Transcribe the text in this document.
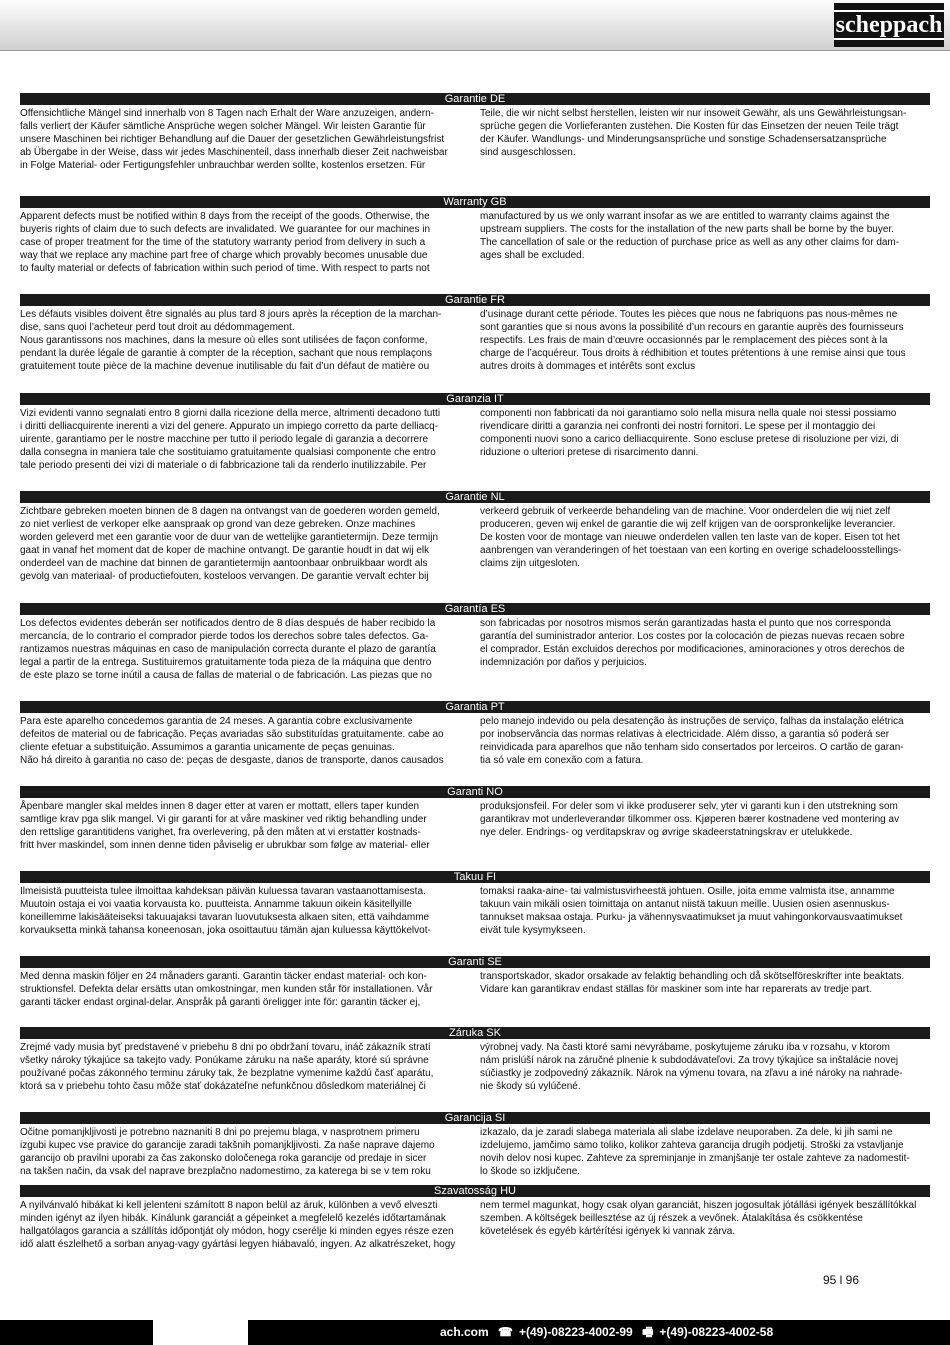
scheppach
Garantie DE
Offensichtliche Mängel sind innerhalb von 8 Tagen nach Erhalt der Ware anzuzeigen, andern-
falls verliert der Käufer sämtliche Ansprüche wegen solcher Mängel. Wir leisten Garantie für
unsere Maschinen bei richtiger Behandlung auf die Dauer der gesetzlichen Gewährleistungsfrist
ab Übergabe in der Weise, dass wir jedes Maschinenteil, dass innerhalb dieser Zeit nachweisbar
in Folge Material- oder Fertigungsfehler unbrauchbar werden sollte, kostenlos ersetzen. Für
Teile, die wir nicht selbst herstellen, leisten wir nur insoweit Gewähr, als uns Gewährleistungsan-
sprüche gegen die Vorlieferanten zustehen. Die Kosten für das Einsetzen der neuen Teile trägt
der Käufer. Wandlungs- und Minderungsansprüche und sonstige Schadensersatzansprüche
sind ausgeschlossen.
Warranty GB
Apparent defects must be notified within 8 days from the receipt of the goods. Otherwise, the
buyeris rights of claim due to such defects are invalidated. We guarantee for our machines in
case of proper treatment for the time of the statutory warranty period from delivery in such a
way that we replace any machine part free of charge which provably becomes unusable due
to faulty material or defects of fabrication within such period of time. With respect to parts not
manufactured by us we only warrant insofar as we are entitled to warranty claims against the
upstream suppliers. The costs for the installation of the new parts shall be borne by the buyer.
The cancellation of sale or the reduction of purchase price as well as any other claims for dam-
ages shall be excluded.
Garantie FR
Les défauts visibles doivent être signalés au plus tard 8 jours après la réception de la marchan-
dise, sans quoi l’acheteur perd tout droit au dédommagement.
Nous garantissons nos machines, dans la mesure où elles sont utilisées de façon conforme,
pendant la durée légale de garantie à compter de la réception, sachant que nous remplaçons
gratuitement toute pièce de la machine devenue inutilisable du fait d’un défaut de matière ou
d’usinage durant cette période. Toutes les pièces que nous ne fabriquons pas nous-mêmes ne
sont garanties que si nous avons la possibilité d’un recours en garantie auprès des fournisseurs
respectifs. Les frais de main d’œuvre occasionnés par le remplacement des pièces sont à la
charge de l’acquéreur. Tous droits à rédhibition et toutes prétentions à une remise ainsi que tous
autres droits à dommages et intérêts sont exclus
Garanzia IT
Vizi evidenti vanno segnalati entro 8 giorni dalla ricezione della merce, altrimenti decadono tutti
i diritti delliacquirente inerenti a vizi del genere. Appurato un impiego corretto da parte delliacq-
uirente, garantiamo per le nostre macchine per tutto il periodo legale di garanzia a decorrere
dalla consegna in maniera tale che sostituiamo gratuitamente qualsiasi componente che entro
tale periodo presenti dei vizi di materiale o di fabbricazione tali da renderlo inutilizzabile. Per
componenti non fabbricati da noi garantiamo solo nella misura nella quale noi stessi possiamo
rivendicare diritti a garanzia nei confronti dei nostri fornitori. Le spese per il montaggio dei
componenti nuovi sono a carico delliacquirente. Sono escluse pretese di risoluzione per vizi, di
riduzione o ulteriori pretese di risarcimento danni.
Garantie NL
Zichtbare gebreken moeten binnen de 8 dagen na ontvangst van de goederen worden gemeld,
zo niet verliest de verkoper elke aanspraak op grond van deze gebreken. Onze machines
worden geleverd met een garantie voor de duur van de wettelijke garantietermijn. Deze termijn
gaat in vanaf het moment dat de koper de machine ontvangt. De garantie houdt in dat wij elk
onderdeel van de machine dat binnen de garantietermijn aantoonbaar onbruikbaar wordt als
gevolg van materiaal- of productiefouten, kosteloos vervangen. De garantie vervalt echter bij
verkeerd gebruik of verkeerde behandeling van de machine. Voor onderdelen die wij niet zelf
produceren, geven wij enkel de garantie die wij zelf krijgen van de oorspronkelijke leverancier.
De kosten voor de montage van nieuwe onderdelen vallen ten laste van de koper. Eisen tot het
aanbrengen van veranderingen of het toestaan van een korting en overige schadeloosstellings-
claims zijn uitgesloten.
Garantía ES
Los defectos evidentes deberán ser notificados dentro de 8 días después de haber recibido la
mercancía, de lo contrario el comprador pierde todos los derechos sobre tales defectos. Ga-
rantizamos nuestras máquinas en caso de manipulación correcta durante el plazo de garantía
legal a partir de la entrega. Sustituiremos gratuitamente toda pieza de la máquina que dentro
de este plazo se torne inútil a causa de fallas de material o de fabricación. Las piezas que no
son fabricadas por nosotros mismos serán garantizadas hasta el punto que nos corresponda
garantía del suministrador anterior. Los costes por la colocación de piezas nuevas recaen sobre
el comprador. Están excluidos derechos por modificaciones, aminoraciones y otros derechos de
indemnización por daños y perjuicios.
Garantia PT
Para este aparelho concedemos garantia de 24 meses. A garantia cobre exclusivamente
defeitos de material ou de fabricação. Peças avariadas são substituídas gratuitamente. cabe ao
cliente efetuar a substituição. Assumimos a garantia unicamente de peças genuinas.
Não há direito à garantia no caso de: peças de desgaste, danos de transporte, danos causados
pelo manejo indevido ou pela desatenção às instruções de serviço, falhas da instalação elétrica
por inobservância das normas relativas à electricidade. Além disso, a garantia só poderá ser
reinvidicada para aparelhos que não tenham sido consertados por lerceiros. O cartão de garan-
tia só vale em conexão com a fatura.
Garanti NO
Åpenbare mangler skal meldes innen 8 dager etter at varen er mottatt, ellers taper kunden
samtlige krav pga slik mangel. Vi gir garanti for at våre maskiner ved riktig behandling under
den rettslige garantitidens varighet, fra overlevering, på den måten at vi erstatter kostnads-
fritt hver maskindel, som innen denne tiden påviselig er ubrukbar som følge av material- eller
produksjonsfeil. For deler som vi ikke produserer selv, yter vi garanti kun i den utstrekning som
garantikrav mot underleverandør tilkommer oss. Kjøperen bærer kostnadene ved montering av
nye deler. Endrings- og verditapskrav og øvrige skadeerstatningskrav er utelukkede.
Takuu FI
Ilmeisistä puutteista tulee ilmoittaa kahdeksan päivän kuluessa tavaran vastaanottamisesta.
Muutoin ostaja ei voi vaatia korvausta ko. puutteista. Annamme takuun oikein käsitellyille
koneillemme lakisääteiseksi takuuajaksi tavaran luovutuksesta alkaen siten, että vaihdamme
korvauksetta minkä tahansa koneenosan, joka osoittautuu tämän ajan kuluessa käyttökelvot-
tomaksi raaka-aine- tai valmistusvirheestä johtuen. Osille, joita emme valmista itse, annamme
takuun vain mikäli osien toimittaja on antanut niistä takuun meille. Uusien osien asennuskus-
tannukset maksaa ostaja. Purku- ja vähennysvaatimukset ja muut vahingonkorvausvaatimukset
eivät tule kysymykseen.
Garanti SE
Med denna maskin följer en 24 månaders garanti. Garantin täcker endast material- och kon-
struktionsfel. Defekta delar ersätts utan omkostningar, men kunden står för installationen. Vår
garanti täcker endast orginal-delar. Anspråk på garanti öreligger inte för: garantin täcker ej,
transportskador, skador orsakade av felaktig behandling och då skötselföreskrifter inte beaktats.
Vidare kan garantikrav endast ställas för maskiner som inte har reparerats av tredje part.
Záruka SK
Zrejmé vady musia byť predstavené v priebehu 8 dni po obdržaní tovaru, ináč zákazník stratí
všetky nároky týkajúce sa takejto vady. Ponúkame záruku na naše aparáty, ktoré sú správne
používané počas zákonného terminu záruky tak, že bezplatne vymenime každú časť aparátu,
ktorá sa v priebehu tohto času môže stať dokázateľne nefunkčnou dôsledkom materiálnej či
výrobnej vady. Na časti ktoré sami nevyrábame, poskytujeme záruku iba v rozsahu, v ktorom
nám prislúší nárok na záručné plnenie k subdodávateľovi. Za trovy týkajúce sa inštalácie novej
súčiastky je zodpovedný zákazník. Nárok na výmenu tovara, na zľavu a iné nároky na nahrade-
nie škody sú vylúčené.
Garancija SI
Očitne pomanjkljivosti je potrebno naznaniti 8 dni po prejemu blaga, v nasprotnem primeru
izgubi kupec vse pravice do garancije zaradi takšnih pomanjkljivosti. Za naše naprave dajemo
garancijo ob pravilni uporabi za čas zakonsko določenega roka garancije od predaje in sicer
na takšen način, da vsak del naprave brezplačno nadomestimo, za katerega bi se v tem roku
izkazalo, da je zaradi slabega materiala ali slabe izdelave neuporaben. Za dele, ki jih sami ne
izdelujemo, jamčimo samo toliko, kolikor zahteva garancija drugih podjetij. Stroški za vstavljanje
novih delov nosi kupec. Zahteve za spreminjanje in zmanjšanje ter ostale zahteve za nadomestit-
lo škode so izključene.
Szavatosság HU
A nyilvánvaló hibákat ki kell jelenteni számított 8 napon belül az áruk, különben a vevő elveszti
minden igényt az ilyen hibák. Kínálunk garanciát a gépeinket a megfelelő kezelés időtartamának
hallgatólagos garancia a szállítás időpontját oly módon, hogy cserélje ki minden egyes része ezen
idő alatt észlelhető a sorban anyag-vagy gyártási legyen hiábavaló, ingyen. Az alkatrészeket, hogy
nem termel magunkat, hogy csak olyan garanciát, hiszen jogosultak jótállási igények beszállítókkal
szemben. A költségek beillesztése az új részek a vevőnek. Átalakítása és csökkentése
követelések és egyéb kártérítési igények ki vannak zárva.
95 l 96
ach.com ☎ +(49)-08223-4002-99 🖷 +(49)-08223-4002-58
